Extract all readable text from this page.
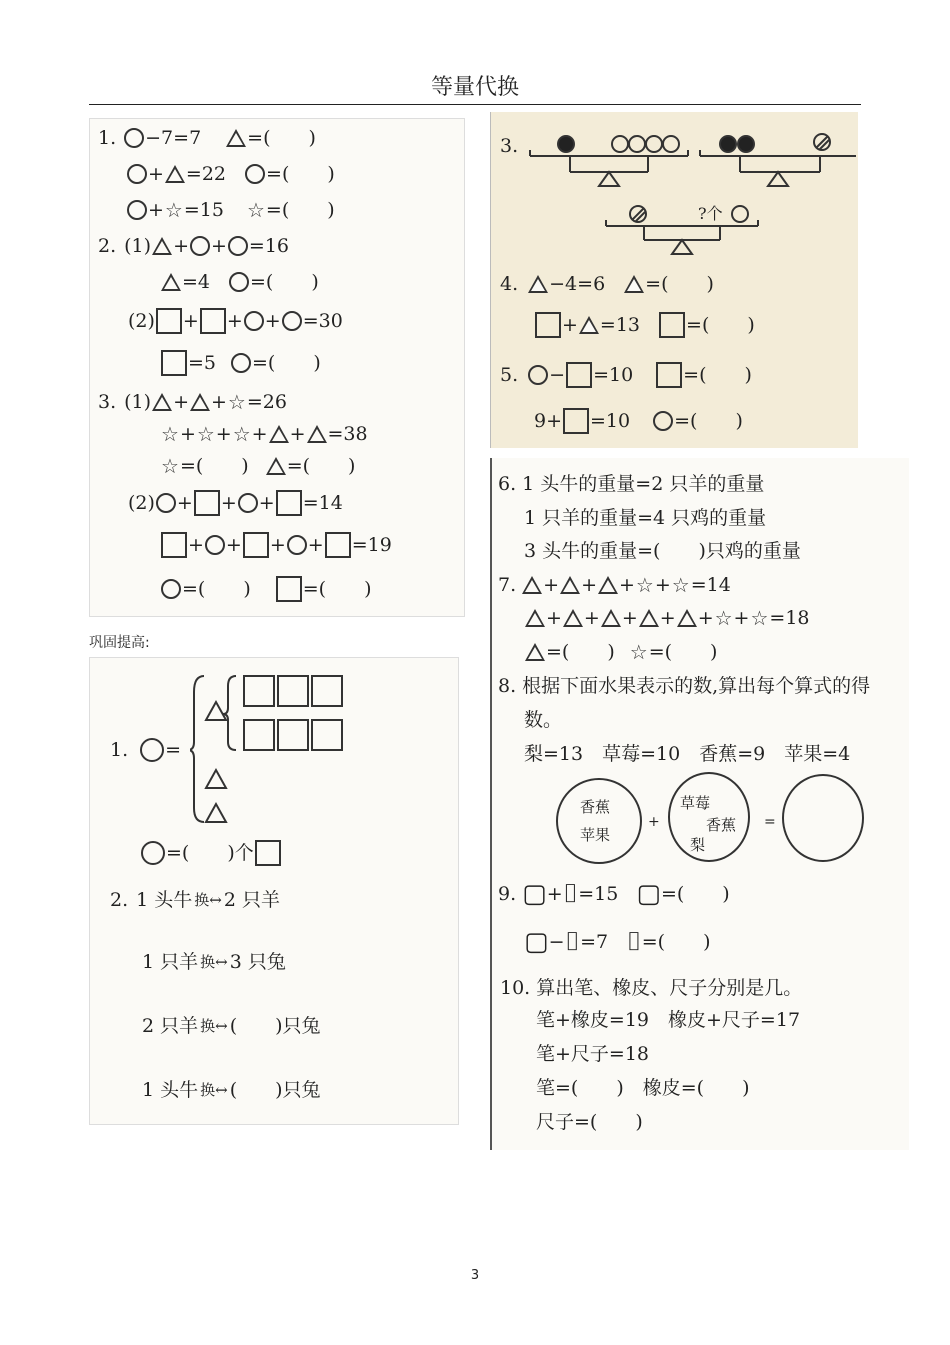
等量代换
1. −7=7 =(　　)
+ =22 =(　　)
+ ☆ =15 ☆ =(　　)
2. (1) + + =16
=4 =(　　)
(2) + + + =30
=5 =(　　)
3. (1) + + ☆ =26
☆ + ☆ + ☆ + + =38
☆ =(　　) =(　　)
(2) + + + =14
+ + + + =19
=(　　)	=(　　)
3.
?个
4. −4=6 =(　　)
+ =13 =(　　)
5. − =10	=(　　)
9+ =10 =(　　)
巩固提高:
1. =
=(　　)个
2. 1 头牛 换↔ 2 只羊
1 只羊 换↔ 3 只兔
2 只羊 换↔ (　　)只兔
1 头牛 换↔ (　　)只兔
6. 1 头牛的重量=2 只羊的重量
1 只羊的重量=4 只鸡的重量
3 头牛的重量=(　　)只鸡的重量
7. + + + ☆ + ☆ =14
+ + + + + ☆ + ☆ =18
=(　　) ☆ =(　　)
8. 根据下面水果表示的数,算出每个算式的得
数。
梨=13　草莓=10　香蕉=9　苹果=4
香蕉
苹果
+
草莓
香蕉
梨
=
9. ▢ + ⌷ =15 ▢ =(　　)
▢ − ⌷ =7 ⌷ =(　　)
10. 算出笔、橡皮、尺子分别是几。
笔+橡皮=19　橡皮+尺子=17
笔+尺子=18
笔=(　　)　橡皮=(　　)
尺子=(　　)
3
